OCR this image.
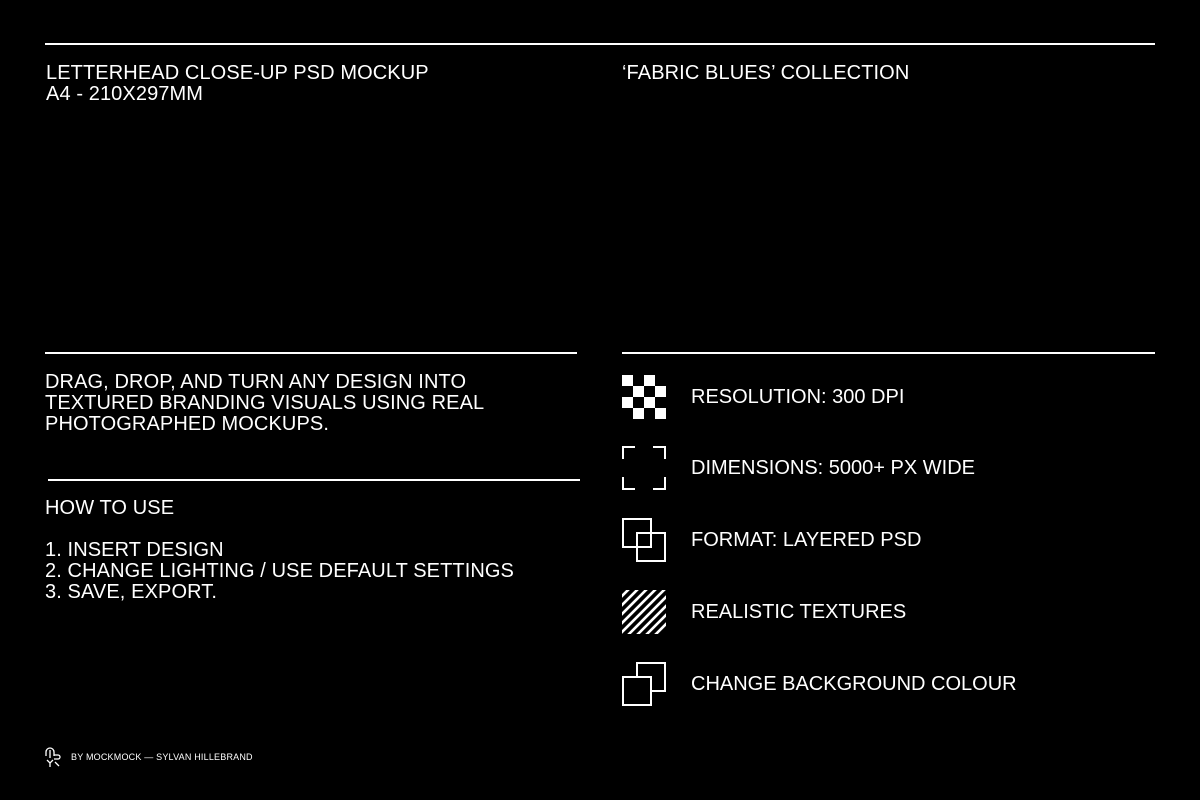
LETTERHEAD CLOSE-UP PSD MOCKUP
A4 - 210X297MM
‘FABRIC BLUES’ COLLECTION
DRAG, DROP, AND TURN ANY DESIGN INTO
TEXTURED BRANDING VISUALS USING REAL
PHOTOGRAPHED MOCKUPS.
HOW TO USE
1. INSERT DESIGN
2. CHANGE LIGHTING / USE DEFAULT SETTINGS
3. SAVE, EXPORT.
RESOLUTION: 300 DPI
DIMENSIONS: 5000+ PX WIDE
FORMAT: LAYERED PSD
REALISTIC TEXTURES
CHANGE BACKGROUND COLOUR
BY MOCKMOCK — SYLVAN HILLEBRAND
